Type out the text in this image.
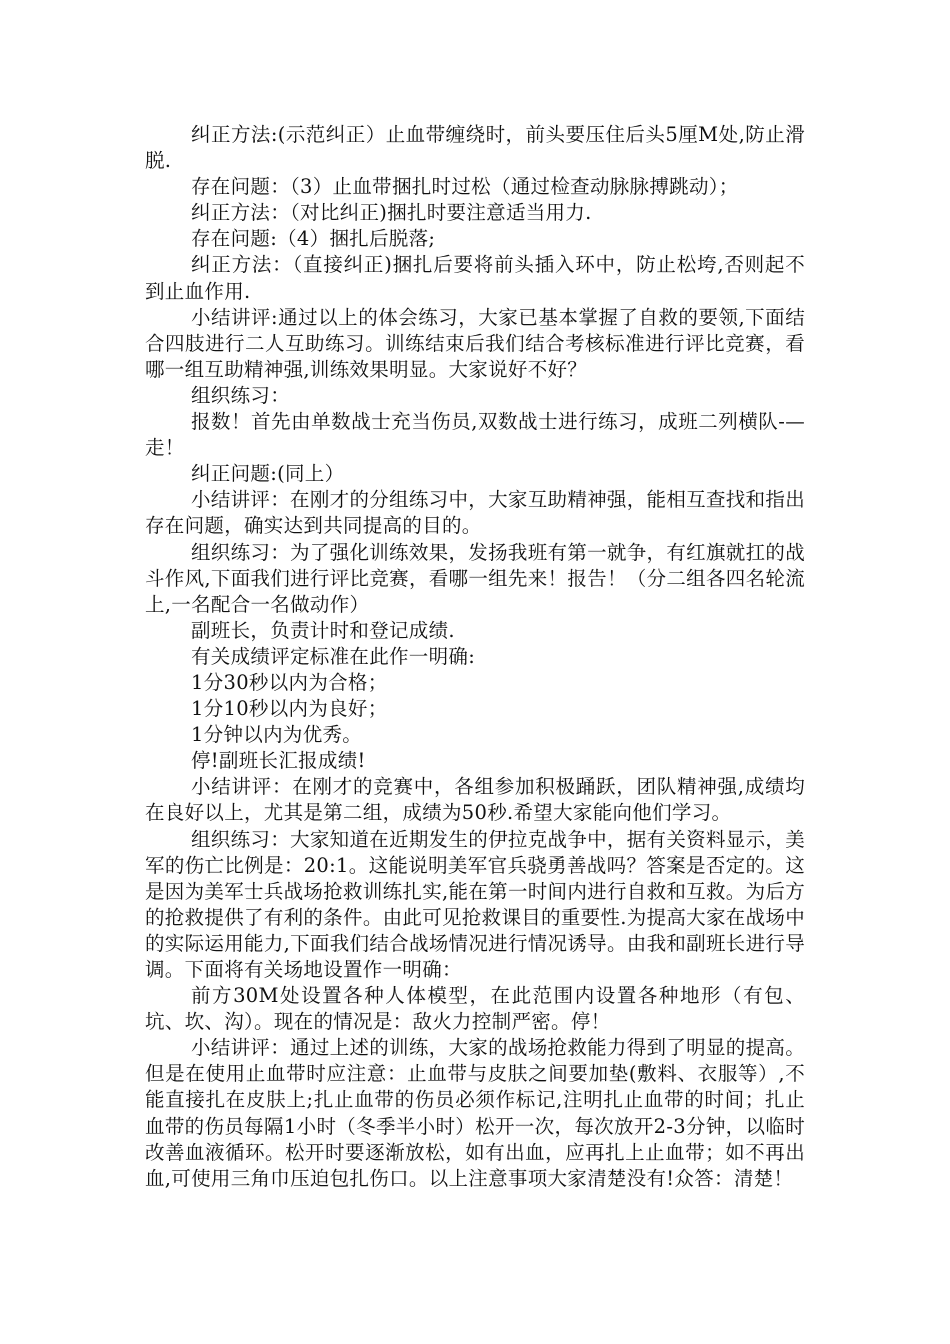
纠正方法:(示范纠正）止血带缠绕时，前头要压住后头5厘M处,防止滑脱.

存在问题：（3）止血带捆扎时过松（通过检查动脉脉搏跳动）；

纠正方法：（对比纠正)捆扎时要注意适当用力.

存在问题:（4）捆扎后脱落;

纠正方法：（直接纠正)捆扎后要将前头插入环中，防止松垮,否则起不到止血作用.

小结讲评:通过以上的体会练习，大家已基本掌握了自救的要领,下面结合四肢进行二人互助练习。训练结束后我们结合考核标准进行评比竞赛，看哪一组互助精神强,训练效果明显。大家说好不好？

组织练习：

报数！首先由单数战士充当伤员,双数战士进行练习，成班二列横队-—走！

纠正问题:(同上）

小结讲评：在刚才的分组练习中，大家互助精神强，能相互查找和指出存在问题，确实达到共同提高的目的。

组织练习：为了强化训练效果，发扬我班有第一就争，有红旗就扛的战斗作风,下面我们进行评比竞赛，看哪一组先来！报告！（分二组各四名轮流上,一名配合一名做动作）

副班长，负责计时和登记成绩.

有关成绩评定标准在此作一明确:

1分30秒以内为合格；

1分10秒以内为良好；

1分钟以内为优秀。

停!副班长汇报成绩!

小结讲评：在刚才的竞赛中，各组参加积极踊跃，团队精神强,成绩均在良好以上，尤其是第二组，成绩为50秒.希望大家能向他们学习。

组织练习：大家知道在近期发生的伊拉克战争中，据有关资料显示，美军的伤亡比例是：20:1。这能说明美军官兵骁勇善战吗？答案是否定的。这是因为美军士兵战场抢救训练扎实,能在第一时间内进行自救和互救。为后方的抢救提供了有利的条件。由此可见抢救课目的重要性.为提高大家在战场中的实际运用能力,下面我们结合战场情况进行情况诱导。由我和副班长进行导调。下面将有关场地设置作一明确：

前方30M处设置各种人体模型，在此范围内设置各种地形（有包、坑、坎、沟）。现在的情况是：敌火力控制严密。停！

小结讲评：通过上述的训练，大家的战场抢救能力得到了明显的提高。但是在使用止血带时应注意：止血带与皮肤之间要加垫(敷料、衣服等）,不能直接扎在皮肤上;扎止血带的伤员必须作标记,注明扎止血带的时间；扎止血带的伤员每隔1小时（冬季半小时）松开一次，每次放开2-3分钟，以临时改善血液循环。松开时要逐渐放松，如有出血，应再扎上止血带；如不再出血,可使用三角巾压迫包扎伤口。以上注意事项大家清楚没有!众答：清楚！
